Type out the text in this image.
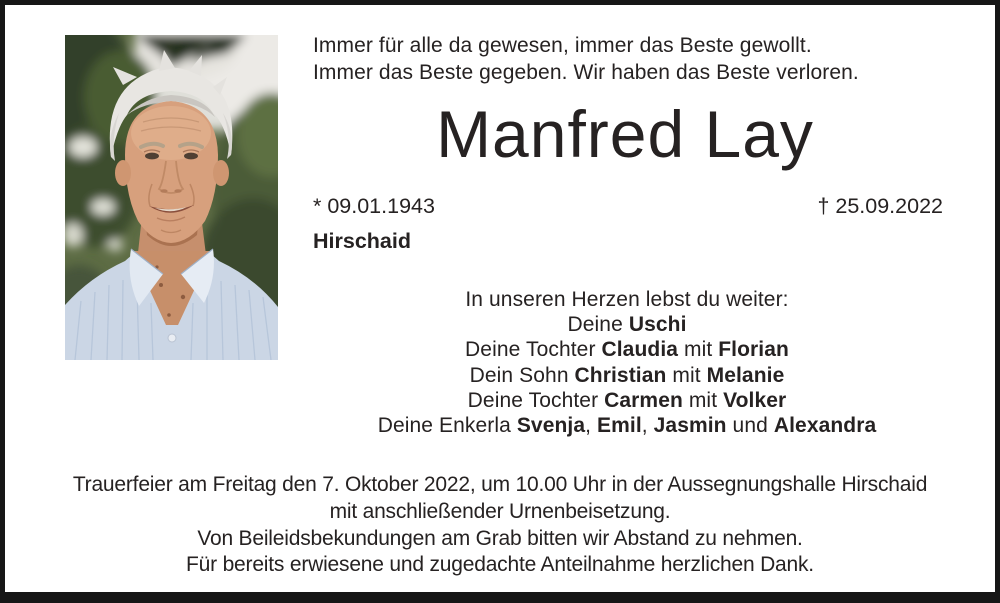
Immer für alle da gewesen, immer das Beste gewollt.
Immer das Beste gegeben. Wir haben das Beste verloren.
Manfred Lay
* 09.01.1943	† 25.09.2022
Hirschaid
In unseren Herzen lebst du weiter:
Deine Uschi
Deine Tochter Claudia mit Florian
Dein Sohn Christian mit Melanie
Deine Tochter Carmen mit Volker
Deine Enkerla Svenja, Emil, Jasmin und Alexandra
Trauerfeier am Freitag den 7. Oktober 2022, um 10.00 Uhr in der Aussegnungshalle Hirschaid
mit anschließender Urnenbeisetzung.
Von Beileidsbekundungen am Grab bitten wir Abstand zu nehmen.
Für bereits erwiesene und zugedachte Anteilnahme herzlichen Dank.
